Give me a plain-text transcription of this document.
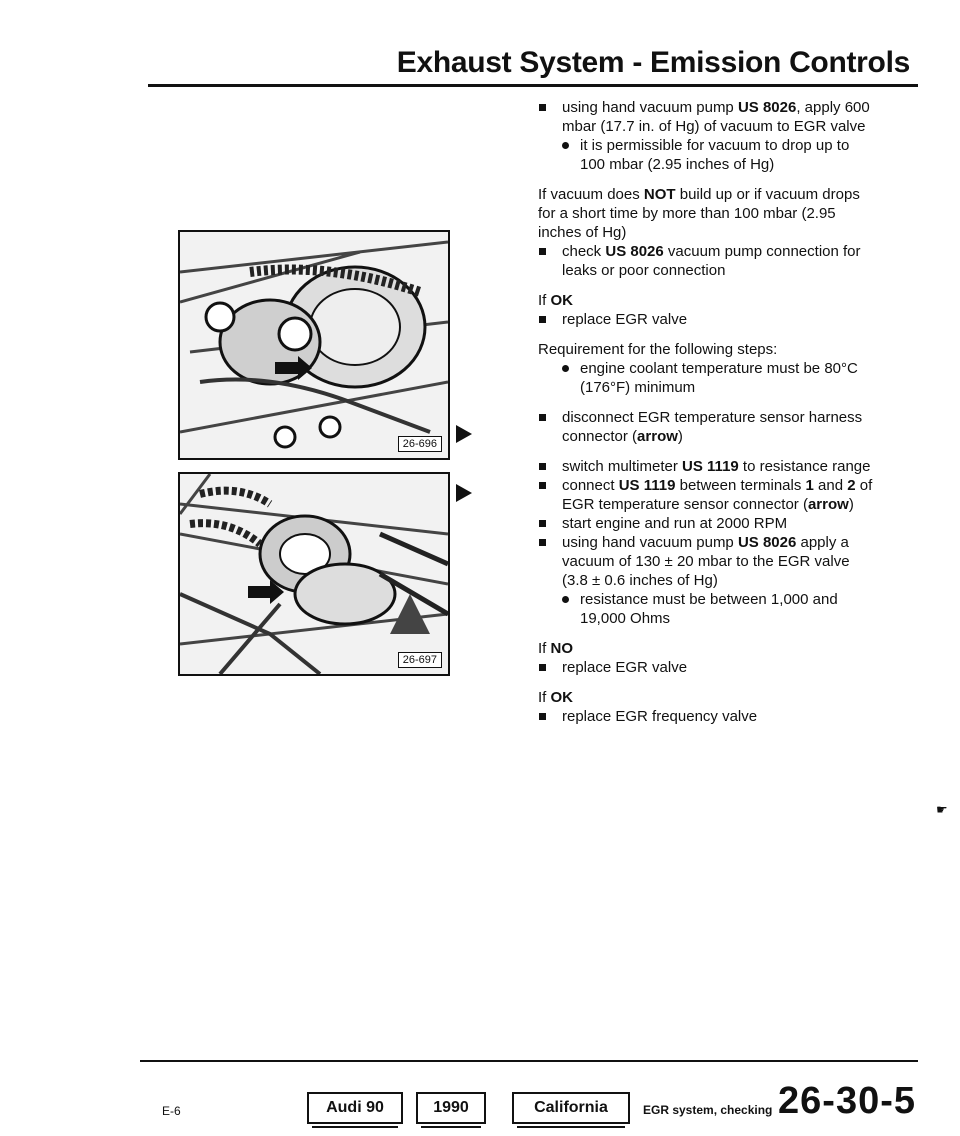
Exhaust System - Emission Controls
26-696
26-697

using hand vacuum pump US 8026, apply 600 mbar (17.7 in. of Hg) of vacuum to EGR valve

it is permissible for vacuum to drop up to 100 mbar (2.95 inches of Hg)

If vacuum does NOT build up or if vacuum drops for a short time by more than 100 mbar (2.95 inches of Hg)

check US 8026 vacuum pump connection for leaks or poor connection

If OK

replace EGR valve

Requirement for the following steps:

engine coolant temperature must be 80°C (176°F) minimum

disconnect EGR temperature sensor harness connector (arrow)

switch multimeter US 1119 to resistance range

connect US 1119 between terminals 1 and 2 of EGR temperature sensor connector (arrow)

start engine and run at 2000 RPM

using hand vacuum pump US 8026 apply a vacuum of 130 ± 20 mbar to the EGR valve (3.8 ± 0.6 inches of Hg)

resistance must be between 1,000 and 19,000 Ohms

If NO

replace EGR valve

If OK

replace EGR frequency valve

☛
E-6	Audi 90	1990	California	EGR system, checking 26-30-5
